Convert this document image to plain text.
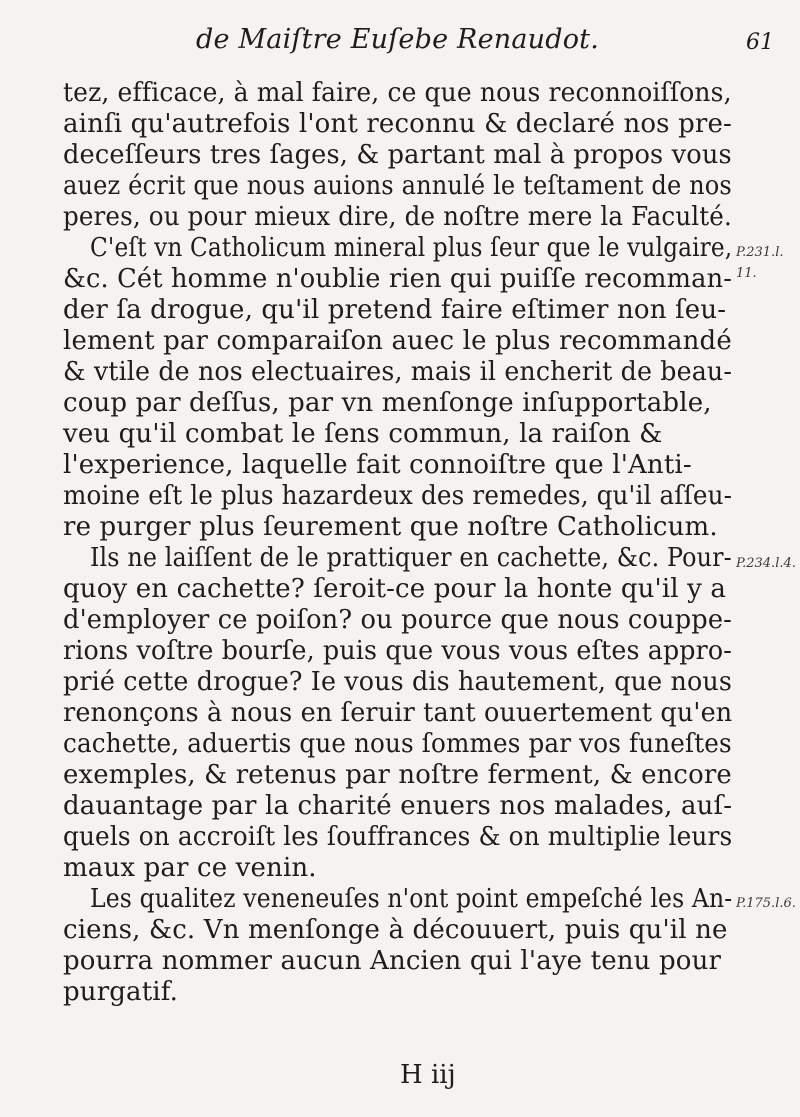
de Maiſtre Euſebe Renaudot.	61
tez, efficace, à mal faire, ce que nous reconnoiſſons,
ainſi qu'autrefois l'ont reconnu & declaré nos pre-
deceſſeurs tres ſages, & partant mal à propos vous
auez écrit que nous auions annulé le teſtament de nos
peres, ou pour mieux dire, de noſtre mere la Faculté.
C'eſt vn Catholicum mineral plus ſeur que le vulgaire,
&c. Cét homme n'oublie rien qui puiſſe recomman-
der ſa drogue, qu'il pretend faire eſtimer non ſeu-
lement par comparaiſon auec le plus recommandé
& vtile de nos electuaires, mais il encherit de beau-
coup par deſſus, par vn menſonge inſupportable,
veu qu'il combat le ſens commun, la raiſon &
l'experience, laquelle fait connoiſtre que l'Anti-
moine eſt le plus hazardeux des remedes, qu'il aſſeu-
re purger plus ſeurement que noſtre Catholicum.
Ils ne laiſſent de le prattiquer en cachette, &c. Pour-
quoy en cachette? ſeroit-ce pour la honte qu'il y a
d'employer ce poiſon? ou pource que nous couppe-
rions voſtre bourſe, puis que vous vous eſtes appro-
prié cette drogue? Ie vous dis hautement, que nous
renonçons à nous en ſeruir tant ouuertement qu'en
cachette, aduertis que nous ſommes par vos funeſtes
exemples, & retenus par noſtre ferment, & encore
dauantage par la charité enuers nos malades, auſ-
quels on accroiſt les ſouffrances & on multiplie leurs
maux par ce venin.
Les qualitez veneneuſes n'ont point empeſché les An-
ciens, &c. Vn menſonge à découuert, puis qu'il ne
pourra nommer aucun Ancien qui l'aye tenu pour
purgatif.
P.231.l.
11.
P.234.l.4.
P.175.l.6.
H iij
